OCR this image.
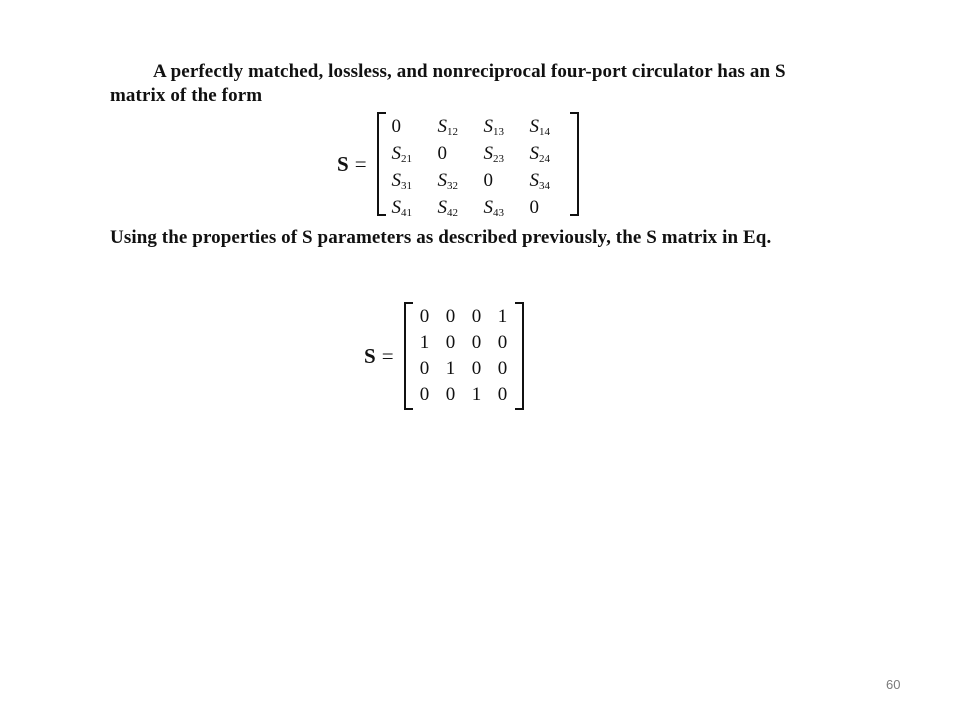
A perfectly matched, lossless, and nonreciprocal four-port circulator has an S
matrix of the form
S =
0	$S_{12}$	$S_{13}$	$S_{14}$
$S_{21}$	0	$S_{23}$	$S_{24}$
$S_{31}$	$S_{32}$	0	$S_{34}$
$S_{41}$	$S_{42}$	$S_{43}$	0
Using the properties of S parameters as described previously, the S matrix in Eq.
S =
0 0 0 1
1 0 0 0
0 1 0 0
0 0 1 0
60
